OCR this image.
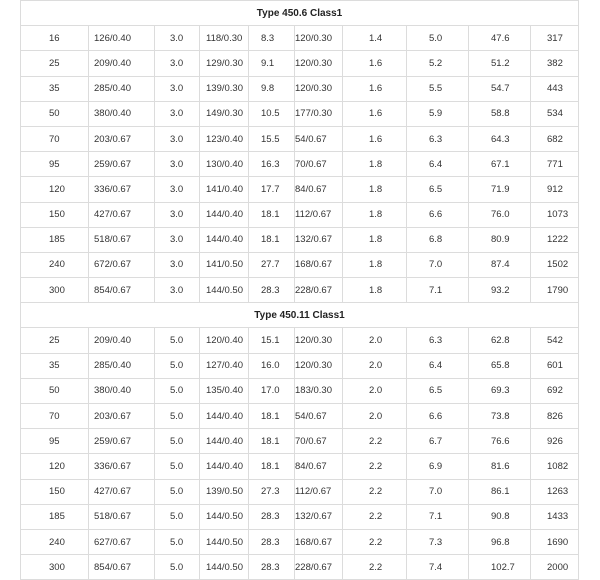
Type 450.6 Class1									

16	126/0.40	3.0	118/0.30	8.3	120/0.30	1.4	5.0	47.6	317

25	209/0.40	3.0	129/0.30	9.1	120/0.30	1.6	5.2	51.2	382

35	285/0.40	3.0	139/0.30	9.8	120/0.30	1.6	5.5	54.7	443

50	380/0.40	3.0	149/0.30	10.5	177/0.30	1.6	5.9	58.8	534

70	203/0.67	3.0	123/0.40	15.5	54/0.67	1.6	6.3	64.3	682

95	259/0.67	3.0	130/0.40	16.3	70/0.67	1.8	6.4	67.1	771

120	336/0.67	3.0	141/0.40	17.7	84/0.67	1.8	6.5	71.9	912

150	427/0.67	3.0	144/0.40	18.1	112/0.67	1.8	6.6	76.0	1073

185	518/0.67	3.0	144/0.40	18.1	132/0.67	1.8	6.8	80.9	1222

240	672/0.67	3.0	141/0.50	27.7	168/0.67	1.8	7.0	87.4	1502

300	854/0.67	3.0	144/0.50	28.3	228/0.67	1.8	7.1	93.2	1790

Type 450.11 Class1									

25	209/0.40	5.0	120/0.40	15.1	120/0.30	2.0	6.3	62.8	542

35	285/0.40	5.0	127/0.40	16.0	120/0.30	2.0	6.4	65.8	601

50	380/0.40	5.0	135/0.40	17.0	183/0.30	2.0	6.5	69.3	692

70	203/0.67	5.0	144/0.40	18.1	54/0.67	2.0	6.6	73.8	826

95	259/0.67	5.0	144/0.40	18.1	70/0.67	2.2	6.7	76.6	926

120	336/0.67	5.0	144/0.40	18.1	84/0.67	2.2	6.9	81.6	1082

150	427/0.67	5.0	139/0.50	27.3	112/0.67	2.2	7.0	86.1	1263

185	518/0.67	5.0	144/0.50	28.3	132/0.67	2.2	7.1	90.8	1433

240	627/0.67	5.0	144/0.50	28.3	168/0.67	2.2	7.3	96.8	1690

300	854/0.67	5.0	144/0.50	28.3	228/0.67	2.2	7.4	102.7	2000
